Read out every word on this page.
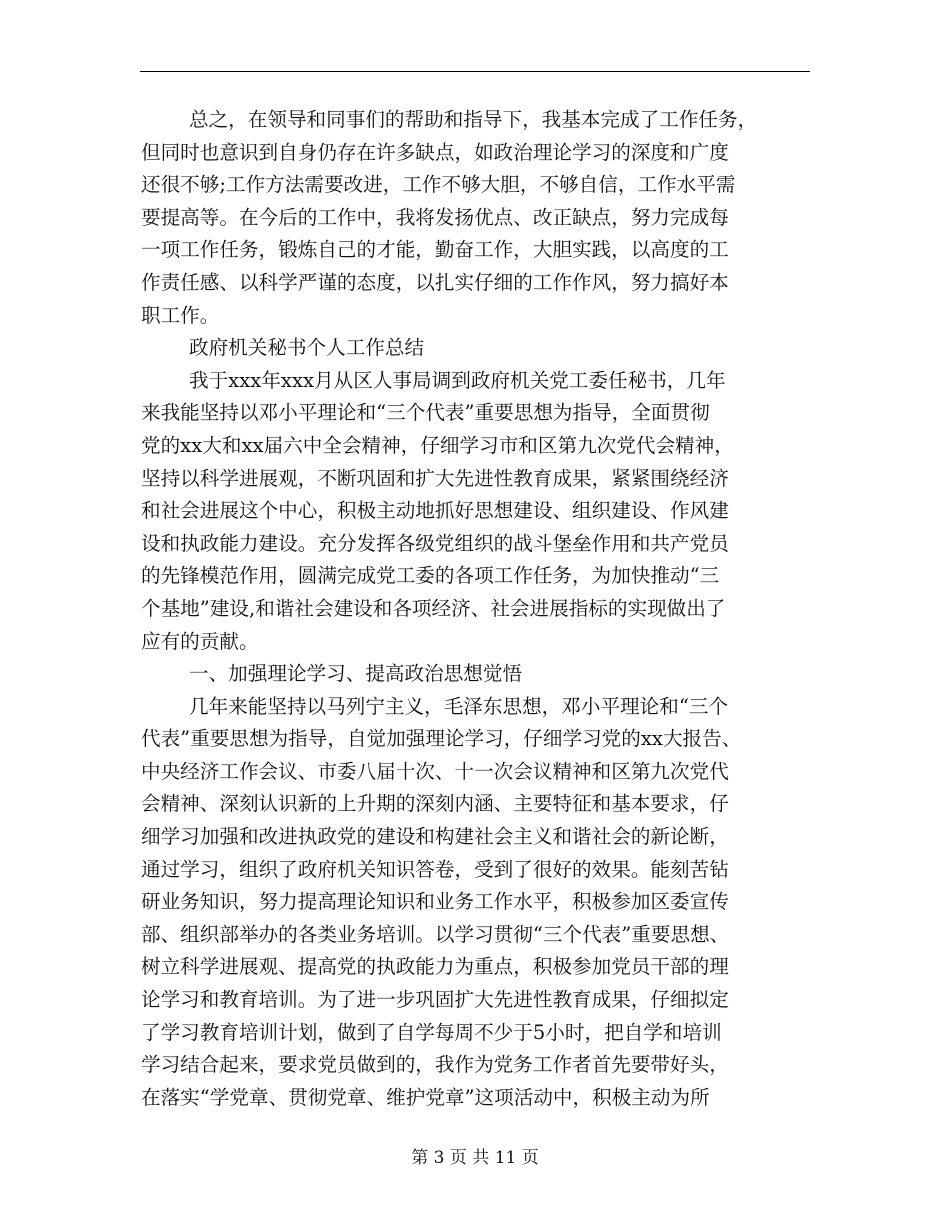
总之，在领导和同事们的帮助和指导下，我基本完成了工作任务，
但同时也意识到自身仍存在许多缺点，如政治理论学习的深度和广度
还很不够;工作方法需要改进，工作不够大胆，不够自信，工作水平需
要提高等。在今后的工作中，我将发扬优点、改正缺点，努力完成每
一项工作任务，锻炼自己的才能，勤奋工作，大胆实践，以高度的工
作责任感、以科学严谨的态度，以扎实仔细的工作作风，努力搞好本
职工作。
政府机关秘书个人工作总结
我于xxx年xxx月从区人事局调到政府机关党工委任秘书，几年
来我能坚持以邓小平理论和“三个代表”重要思想为指导，全面贯彻
党的xx大和xx届六中全会精神，仔细学习市和区第九次党代会精神，
坚持以科学进展观，不断巩固和扩大先进性教育成果，紧紧围绕经济
和社会进展这个中心，积极主动地抓好思想建设、组织建设、作风建
设和执政能力建设。充分发挥各级党组织的战斗堡垒作用和共产党员
的先锋模范作用，圆满完成党工委的各项工作任务，为加快推动“三
个基地”建设,和谐社会建设和各项经济、社会进展指标的实现做出了
应有的贡献。
一、加强理论学习、提高政治思想觉悟
几年来能坚持以马列宁主义，毛泽东思想，邓小平理论和“三个
代表”重要思想为指导，自觉加强理论学习，仔细学习党的xx大报告、
中央经济工作会议、市委八届十次、十一次会议精神和区第九次党代
会精神、深刻认识新的上升期的深刻内涵、主要特征和基本要求，仔
细学习加强和改进执政党的建设和构建社会主义和谐社会的新论断，
通过学习，组织了政府机关知识答卷，受到了很好的效果。能刻苦钻
研业务知识，努力提高理论知识和业务工作水平，积极参加区委宣传
部、组织部举办的各类业务培训。以学习贯彻“三个代表”重要思想、
树立科学进展观、提高党的执政能力为重点，积极参加党员干部的理
论学习和教育培训。为了进一步巩固扩大先进性教育成果，仔细拟定
了学习教育培训计划，做到了自学每周不少于5小时，把自学和培训
学习结合起来，要求党员做到的，我作为党务工作者首先要带好头，
在落实“学党章、贯彻党章、维护党章”这项活动中，积极主动为所
第 3 页 共 11 页
